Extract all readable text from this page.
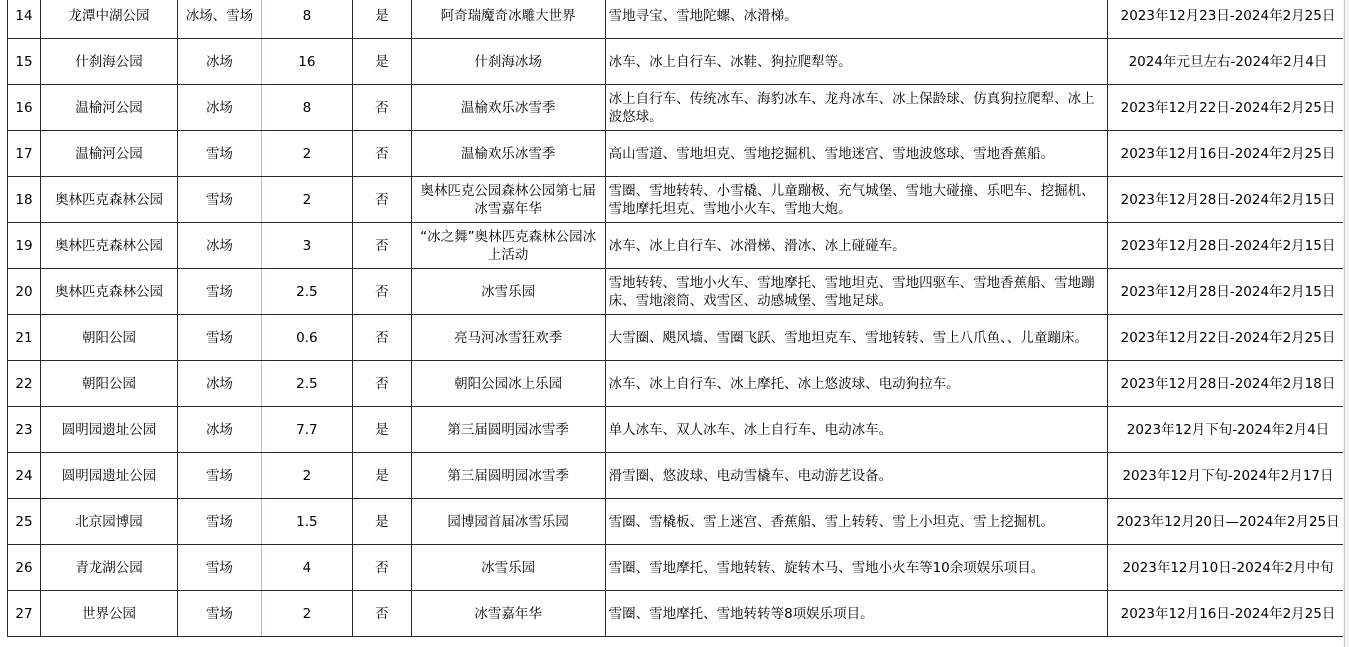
14	龙潭中湖公园	冰场、雪场	8	是	阿奇瑞魔奇冰雕大世界	雪地寻宝、雪地陀螺、冰滑梯。	2023年12月23日-2024年2月25日
15	什刹海公园	冰场	16	是	什刹海冰场	冰车、冰上自行车、冰鞋、狗拉爬犁等。	2024年元旦左右-2024年2月4日
16	温榆河公园	冰场	8	否	温榆欢乐冰雪季	冰上自行车、传统冰车、海豹冰车、龙舟冰车、冰上保龄球、仿真狗拉爬犁、冰上波悠球。	2023年12月22日-2024年2月25日
17	温榆河公园	雪场	2	否	温榆欢乐冰雪季	高山雪道、雪地坦克、雪地挖掘机、雪地迷宫、雪地波悠球、雪地香蕉船。	2023年12月16日-2024年2月25日
18	奥林匹克森林公园	雪场	2	否	奥林匹克公园森林公园第七届冰雪嘉年华	雪圈、雪地转转、小雪橇、儿童蹦极、充气城堡、雪地大碰撞、乐吧车、挖掘机、雪地摩托坦克、雪地小火车、雪地大炮。	2023年12月28日-2024年2月15日
19	奥林匹克森林公园	冰场	3	否	“冰之舞”奥林匹克森林公园冰上活动	冰车、冰上自行车、冰滑梯、滑冰、冰上碰碰车。	2023年12月28日-2024年2月15日
20	奥林匹克森林公园	雪场	2.5	否	冰雪乐园	雪地转转、雪地小火车、雪地摩托、雪地坦克、雪地四驱车、雪地香蕉船、雪地蹦床、雪地滚筒、戏雪区、动感城堡、雪地足球。	2023年12月28日-2024年2月15日
21	朝阳公园	雪场	0.6	否	亮马河冰雪狂欢季	大雪圈、飓风墙、雪圈飞跃、雪地坦克车、雪地转转、雪上八爪鱼、、儿童蹦床。	2023年12月22日-2024年2月25日
22	朝阳公园	冰场	2.5	否	朝阳公园冰上乐园	冰车、冰上自行车、冰上摩托、冰上悠波球、电动狗拉车。	2023年12月28日-2024年2月18日
23	圆明园遗址公园	冰场	7.7	是	第三届圆明园冰雪季	单人冰车、双人冰车、冰上自行车、电动冰车。	2023年12月下旬-2024年2月4日
24	圆明园遗址公园	雪场	2	是	第三届圆明园冰雪季	滑雪圈、悠波球、电动雪橇车、电动游艺设备。	2023年12月下旬-2024年2月17日
25	北京园博园	雪场	1.5	是	园博园首届冰雪乐园	雪圈、雪橇板、雪上迷宫、香蕉船、雪上转转、雪上小坦克、雪上挖掘机。	2023年12月20日—2024年2月25日
26	青龙湖公园	雪场	4	否	冰雪乐园	雪圈、雪地摩托、雪地转转、旋转木马、雪地小火车等10余项娱乐项目。	2023年12月10日-2024年2月中旬
27	世界公园	雪场	2	否	冰雪嘉年华	雪圈、雪地摩托、雪地转转等8项娱乐项目。	2023年12月16日-2024年2月25日
